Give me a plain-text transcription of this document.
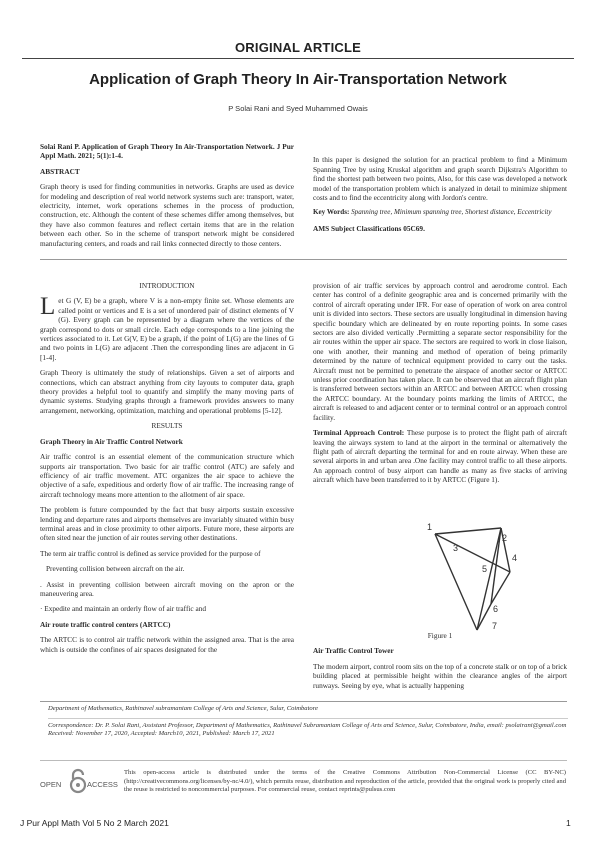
ORIGINAL ARTICLE
Application of Graph Theory In Air-Transportation Network
P Solai Rani and Syed Muhammed Owais

Solai Rani P. Application of Graph Theory In Air-Transportation Network. J Pur Appl Math. 2021; 5(1):1-4.

ABSTRACT

Graph theory is used for finding communities in networks. Graphs are used as device for modeling and description of real world network systems such are: transport, water, electricity, internet, work operations schemes in the process of production, construction, etc. Although the content of these schemes differ among themselves, but they have also common features and reflect certain items that are in the relation between each other. So in the scheme of transport network might be considered manufacturing centers, and roads and rail links connected directly to those centers.

In this paper is designed the solution for an practical problem to find a Minimum Spanning Tree by using Kruskal algorithm and graph search Dijkstra's Algorithm to find the shortest path between two points, Also, for this case was developed a network model of the transportation problem which is analyzed in detail to minimize shipment costs and to find the eccentricity along with Jordon's centre.

Key Words: Spanning tree, Minimum spanning tree, Shortest distance, Eccentricity

AMS Subject Classifications 05C69.

INTRODUCTION

Let G (V, E) be a graph, where V is a non-empty finite set. Whose elements are called point or vertices and E is a set of unordered pair of distinct elements of V (G). Every graph can be represented by a diagram where the vertices of the graph correspond to dots or small circle. Each edge corresponds to a line joining the vertices associated to it. Let G(V, E) be a graph, if the point of L(G) are the lines of G and two points in L(G) are adjacent .Then the corresponding lines are adjacent in G [1-4].

Graph Theory is ultimately the study of relationships. Given a set of airports and connections, which can abstract anything from city layouts to computer data, graph theory provides a helpful tool to quantify and simplify the many moving parts of dynamic systems. Studying graphs through a framework provides answers to many arrangement, networking, optimization, matching and operational problems [5-12].

RESULTS

Graph Theory in Air Traffic Control Network

Air traffic control is an essential element of the communication structure which supports air transportation. Two basic for air traffic control (ATC) are safely and efficiency of air traffic movement. ATC organizes the air space to achieve the objective of a safe, expeditious and orderly flow of air traffic. The increasing range of aircraft technology means more attention to the allotment of air space.

The problem is future compounded by the fact that busy airports sustain excessive lending and departure rates and airports themselves are invariably situated within busy terminal areas and in close proximity to other airports. Future more, these airports are often sited near the junction of air routes serving other destinations.

The term air traffic control is defined as service provided for the purpose of

Preventing collision between aircraft on the air.

. Assist in preventing collision between aircraft moving on the apron or the maneuvering area.

· Expedite and maintain an orderly flow of air traffic and

Air route traffic control centers (ARTCC)

The ARTCC is to control air traffic network within the assigned area. That is the area which is outside the confines of air spaces designated for the

provision of air traffic services by approach control and aerodrome control. Each center has control of a definite geographic area and is concerned primarily with the control of aircraft operating under IFR. For ease of operation of work on area control unit is divided into sectors. These sectors are usually longitudinal in dimension having specific boundary which are delineated by en route reporting points. In some cases sectors are also divided vertically .Permitting a separate sector responsibility for the air routes within the upper air space. The sectors are required to work in close liaison, one with another, their manning and method of operation of being primarily determined by the nature of technical equipment provided to carry out the tasks. Aircraft must not be permitted to penetrate the airspace of another sector or ARTCC unless prior coordination has taken place. It can be observed that an aircraft flight plan is transferred between sectors within an ARTCC and between ARTCC when crossing the ARTCC boundary. At the boundary points marking the limits of ARTCC, the aircraft is released to and adjacent center or to terminal control or an approach control facility.

Terminal Approach Control: These purpose is to protect the flight path of aircraft leaving the airways system to land at the airport in the terminal or alternatively the flight path of aircraft departing the terminal for and en route airway. When these are several airports in and urban area .One facility may control traffic to all these airports. An approach control of busy airport can handle as many as five stacks of arriving aircraft which have been transferred to it by ARTCC (Figure 1).

1
2
3
4
5
6
7

Figure 1

Air Traffic Control Tower

The modern airport, control room sits on the top of a concrete stalk or on top of a brick building placed at permissible height within the clearance angles of the airport runways. Seeing by eye, what is actually happening

Department of Mathematics, Rathinavel subramaniam College of Arts and Science, Sulur, Coimbatore
Correspondence: Dr. P. Solai Rani, Assistant Professor, Department of Mathematics, Rathinavel Subramaniam College of Arts and Science, Sulur, Coimbatore, India, email: psolairani@gmail.com
Received: November 17, 2020, Accepted: March10, 2021, Published: March 17, 2021
OPEN	ACCESS
This open-access article is distributed under the terms of the Creative Commons Attribution Non-Commercial License (CC BY-NC) (http://creativecommons.org/licenses/by-nc/4.0/), which permits reuse, distribution and reproduction of the article, provided that the original work is properly cited and the reuse is restricted to noncommercial purposes. For commercial reuse, contact reprints@pulsus.com
J Pur Appl Math Vol 5 No 2 March 2021	1
